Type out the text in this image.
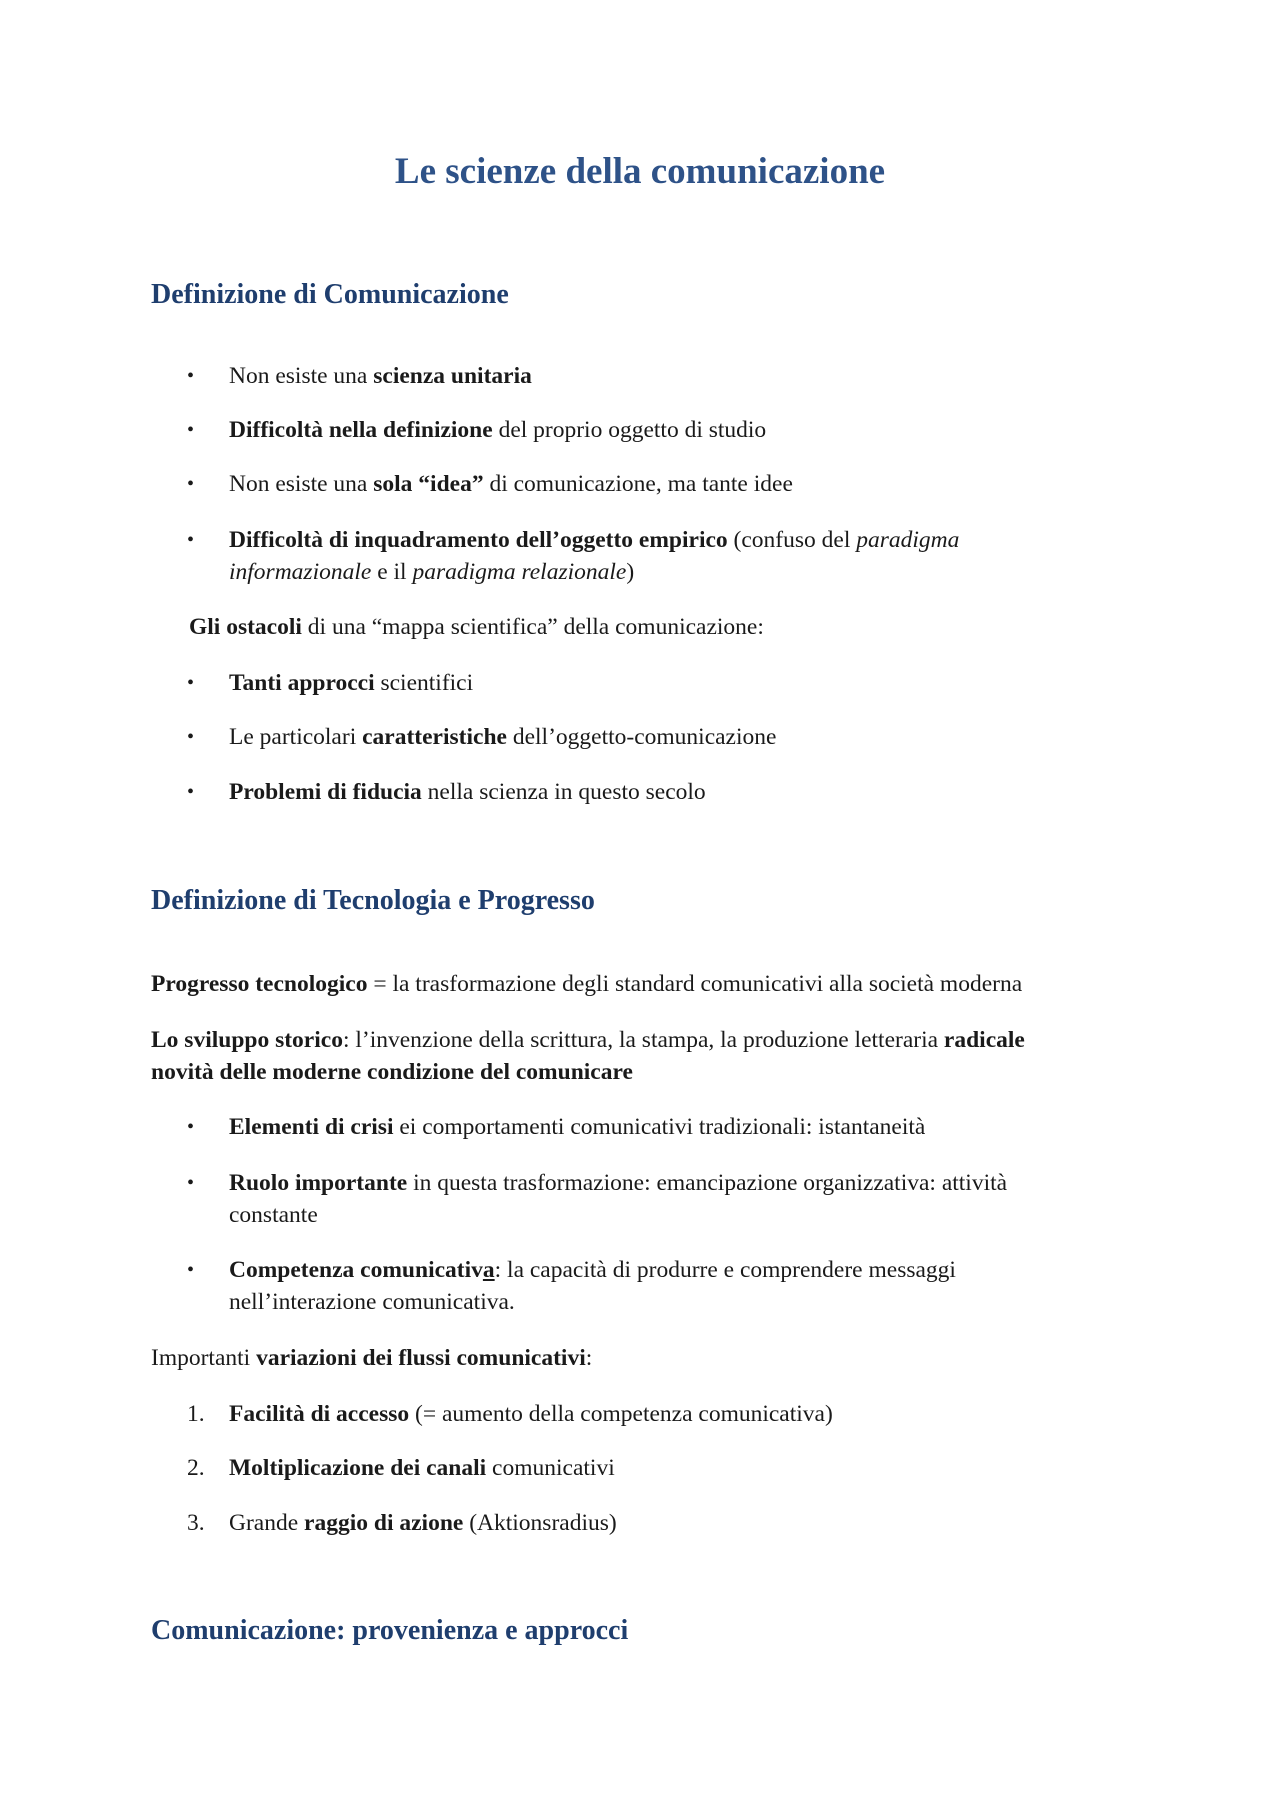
Le scienze della comunicazione
Definizione di Comunicazione
• Non esiste una scienza unitaria
• Difficoltà nella definizione del proprio oggetto di studio
• Non esiste una sola “idea” di comunicazione, ma tante idee
• Difficoltà di inquadramento dell’oggetto empirico (confuso del paradigma
informazionale e il paradigma relazionale)
Gli ostacoli di una “mappa scientifica” della comunicazione:
• Tanti approcci scientifici
• Le particolari caratteristiche dell’oggetto-comunicazione
• Problemi di fiducia nella scienza in questo secolo
Definizione di Tecnologia e Progresso
Progresso tecnologico = la trasformazione degli standard comunicativi alla società moderna
Lo sviluppo storico: l’invenzione della scrittura, la stampa, la produzione letteraria radicale
novità delle moderne condizione del comunicare
• Elementi di crisi ei comportamenti comunicativi tradizionali: istantaneità
• Ruolo importante in questa trasformazione: emancipazione organizzativa: attività
constante
• Competenza comunicativa: la capacità di produrre e comprendere messaggi
nell’interazione comunicativa.
Importanti variazioni dei flussi comunicativi:
1. Facilità di accesso (= aumento della competenza comunicativa)
2. Moltiplicazione dei canali comunicativi
3. Grande raggio di azione (Aktionsradius)
Comunicazione: provenienza e approcci
